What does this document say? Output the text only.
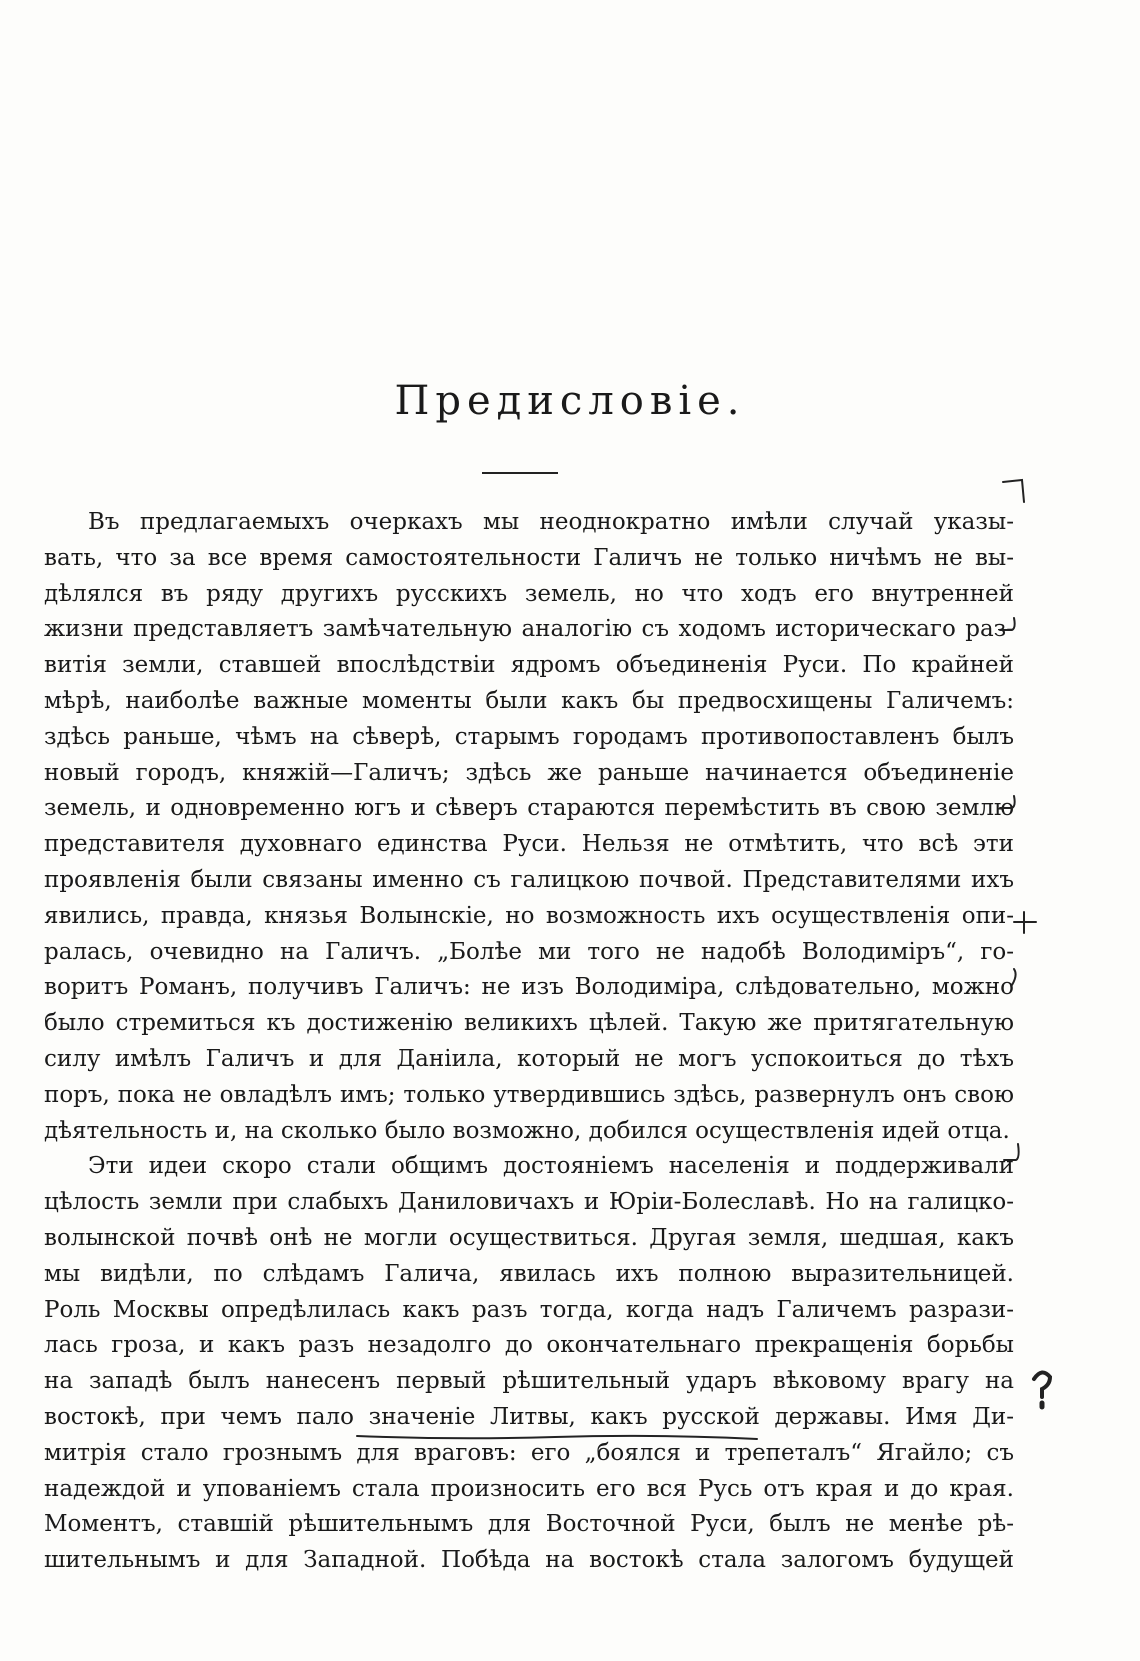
Предисловіе.
Въ предлагаемыхъ очеркахъ мы неоднократно имѣли случай указы-
вать, что за все время самостоятельности Галичъ не только ничѣмъ не вы-
дѣлялся въ ряду другихъ русскихъ земель, но что ходъ его внутренней
жизни представляетъ замѣчательную аналогію съ ходомъ историческаго раз-
витія земли, ставшей впослѣдствіи ядромъ объединенія Руси. По крайней
мѣрѣ, наиболѣе важные моменты были какъ бы предвосхищены Галичемъ:
здѣсь раньше, чѣмъ на сѣверѣ, старымъ городамъ противопоставленъ былъ
новый городъ, княжій—Галичъ; здѣсь же раньше начинается объединеніе
земель, и одновременно югъ и сѣверъ стараются перемѣстить въ свою землю
представителя духовнаго единства Руси. Нельзя не отмѣтить, что всѣ эти
проявленія были связаны именно съ галицкою почвой. Представителями ихъ
явились, правда, князья Волынскіе, но возможность ихъ осуществленія опи-
ралась, очевидно на Галичъ. „Болѣе ми того не надобѣ Володиміръ“, го-
воритъ Романъ, получивъ Галичъ: не изъ Володиміра, слѣдовательно, можно
было стремиться къ достиженію великихъ цѣлей. Такую же притягательную
силу имѣлъ Галичъ и для Даніила, который не могъ успокоиться до тѣхъ
поръ, пока не овладѣлъ имъ; только утвердившись здѣсь, развернулъ онъ свою
дѣятельность и, на сколько было возможно, добился осуществленія идей отца.
Эти идеи скоро стали общимъ достояніемъ населенія и поддерживали
цѣлость земли при слабыхъ Даниловичахъ и Юріи-Болеславѣ. Но на галицко-
волынской почвѣ онѣ не могли осуществиться. Другая земля, шедшая, какъ
мы видѣли, по слѣдамъ Галича, явилась ихъ полною выразительницей.
Роль Москвы опредѣлилась какъ разъ тогда, когда надъ Галичемъ разрази-
лась гроза, и какъ разъ незадолго до окончательнаго прекращенія борьбы
на западѣ былъ нанесенъ первый рѣшительный ударъ вѣковому врагу на
востокѣ, при чемъ пало значеніе Литвы, какъ русской державы. Имя Ди-
митрія стало грознымъ для враговъ: его „боялся и трепеталъ“ Ягайло; съ
надеждой и упованіемъ стала произносить его вся Русь отъ края и до края.
Моментъ, ставшій рѣшительнымъ для Восточной Руси, былъ не менѣе рѣ-
шительнымъ и для Западной. Побѣда на востокѣ стала залогомъ будущей
